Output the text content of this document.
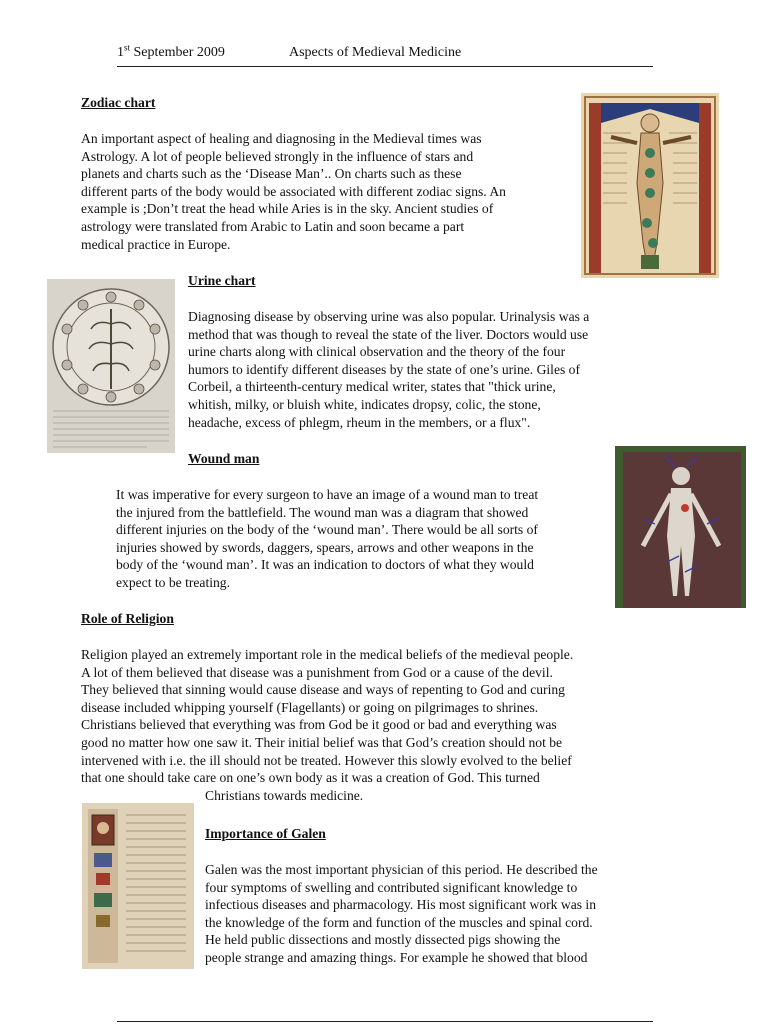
1st September 2009	Aspects of Medieval Medicine
Zodiac chart
An important aspect of healing and diagnosing in the Medieval times was
Astrology. A lot of people believed strongly in the influence of stars and
planets and charts such as the ‘Disease Man’.. On charts such as these
different parts of the body would be associated with different zodiac signs. An
example is ;Don’t treat the head while Aries is in the sky. Ancient studies of
astrology were translated from Arabic to Latin and soon became a part
medical practice in Europe.
Urine chart
Diagnosing disease by observing urine was also popular. Urinalysis was a
method that was though to reveal the state of the liver. Doctors would use
urine charts along with clinical observation and the theory of the four
humors to identify different diseases by the state of one’s urine. Giles of
Corbeil, a thirteenth-century medical writer, states that "thick urine,
whitish, milky, or bluish white, indicates dropsy, colic, the stone,
headache, excess of phlegm, rheum in the members, or a flux".
Wound man
It was imperative for every surgeon to have an image of a wound man to treat
the injured from the battlefield. The wound man was a diagram that showed
different injuries on the body of the ‘wound man’. There would be all sorts of
injuries showed by swords, daggers, spears, arrows and other weapons in the
body of the ‘wound man’. It was an indication to doctors of what they would
expect to be treating.
Role of Religion
Religion played an extremely important role in the medical beliefs of the medieval people.
A lot of them believed that disease was a punishment from God or a cause of the devil.
They believed that sinning would cause disease and ways of repenting to God and curing
disease included whipping yourself (Flagellants) or going on pilgrimages to shrines.
Christians believed that everything was from God be it good or bad and everything was
good no matter how one saw it. Their initial belief was that God’s creation should not be
intervened with i.e. the ill should not be treated. However this slowly evolved to the belief
that one should take care on one’s own body as it was a creation of God. This turned
Christians towards medicine.
Importance of Galen
Galen was the most important physician of this period. He described the
four symptoms of swelling and contributed significant knowledge to
infectious diseases and pharmacology. His most significant work was in
the knowledge of the form and function of the muscles and spinal cord.
He held public dissections and mostly dissected pigs showing the
people strange and amazing things. For example he showed that blood
